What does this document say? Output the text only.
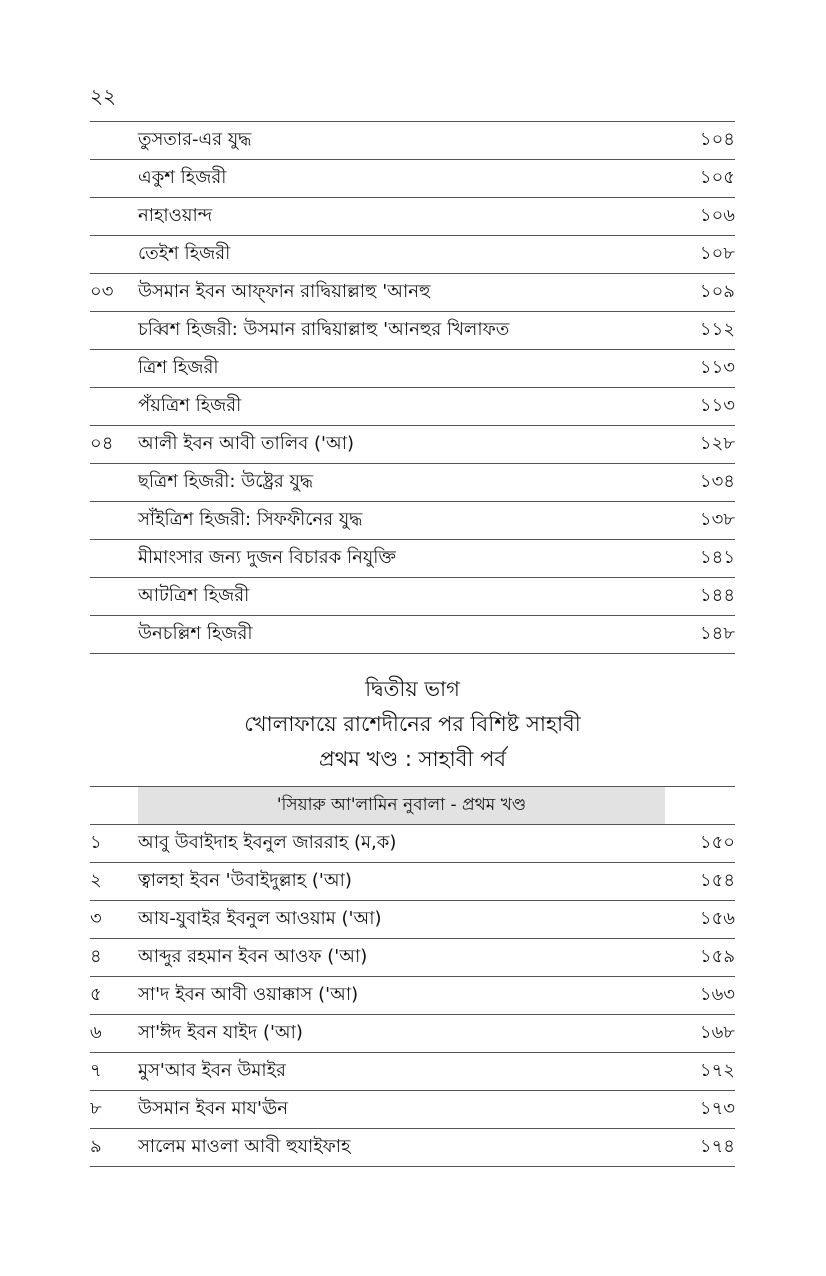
২২
তুসতার-এর যুদ্ধ	১০৪
একুশ হিজরী	১০৫
নাহাওয়ান্দ	১০৬
তেইশ হিজরী	১০৮
০৩	উসমান ইবন আফ্ফান রাদ্বিয়াল্লাহু 'আনহু	১০৯
চব্বিশ হিজরী: উসমান রাদ্বিয়াল্লাহু 'আনহুর খিলাফত	১১২
ত্রিশ হিজরী	১১৩
পঁয়ত্রিশ হিজরী	১১৩
০৪	আলী ইবন আবী তালিব ('আ)	১২৮
ছত্রিশ হিজরী: উষ্ট্রের যুদ্ধ	১৩৪
সাঁইত্রিশ হিজরী: সিফফীনের যুদ্ধ	১৩৮
মীমাংসার জন্য দুজন বিচারক নিযুক্তি	১৪১
আটত্রিশ হিজরী	১৪৪
উনচল্লিশ হিজরী	১৪৮
দ্বিতীয় ভাগ
খোলাফায়ে রাশেদীনের পর বিশিষ্ট সাহাবী
প্রথম খণ্ড : সাহাবী পর্ব
'সিয়ারু আ'লামিন নুবালা - প্রথম খণ্ড
১	আবু উবাইদাহ ইবনুল জাররাহ (ম,ক)	১৫০
২	ত্বালহা ইবন 'উবাইদুল্লাহ ('আ)	১৫৪
৩	আয-যুবাইর ইবনুল আওয়াম ('আ)	১৫৬
৪	আব্দুর রহমান ইবন আওফ ('আ)	১৫৯
৫	সা'দ ইবন আবী ওয়াক্কাস ('আ)	১৬৩
৬	সা'ঈদ ইবন যাইদ ('আ)	১৬৮
৭	মুস'আব ইবন উমাইর	১৭২
৮	উসমান ইবন মায'ঊন	১৭৩
৯	সালেম মাওলা আবী হুযাইফাহ	১৭৪
